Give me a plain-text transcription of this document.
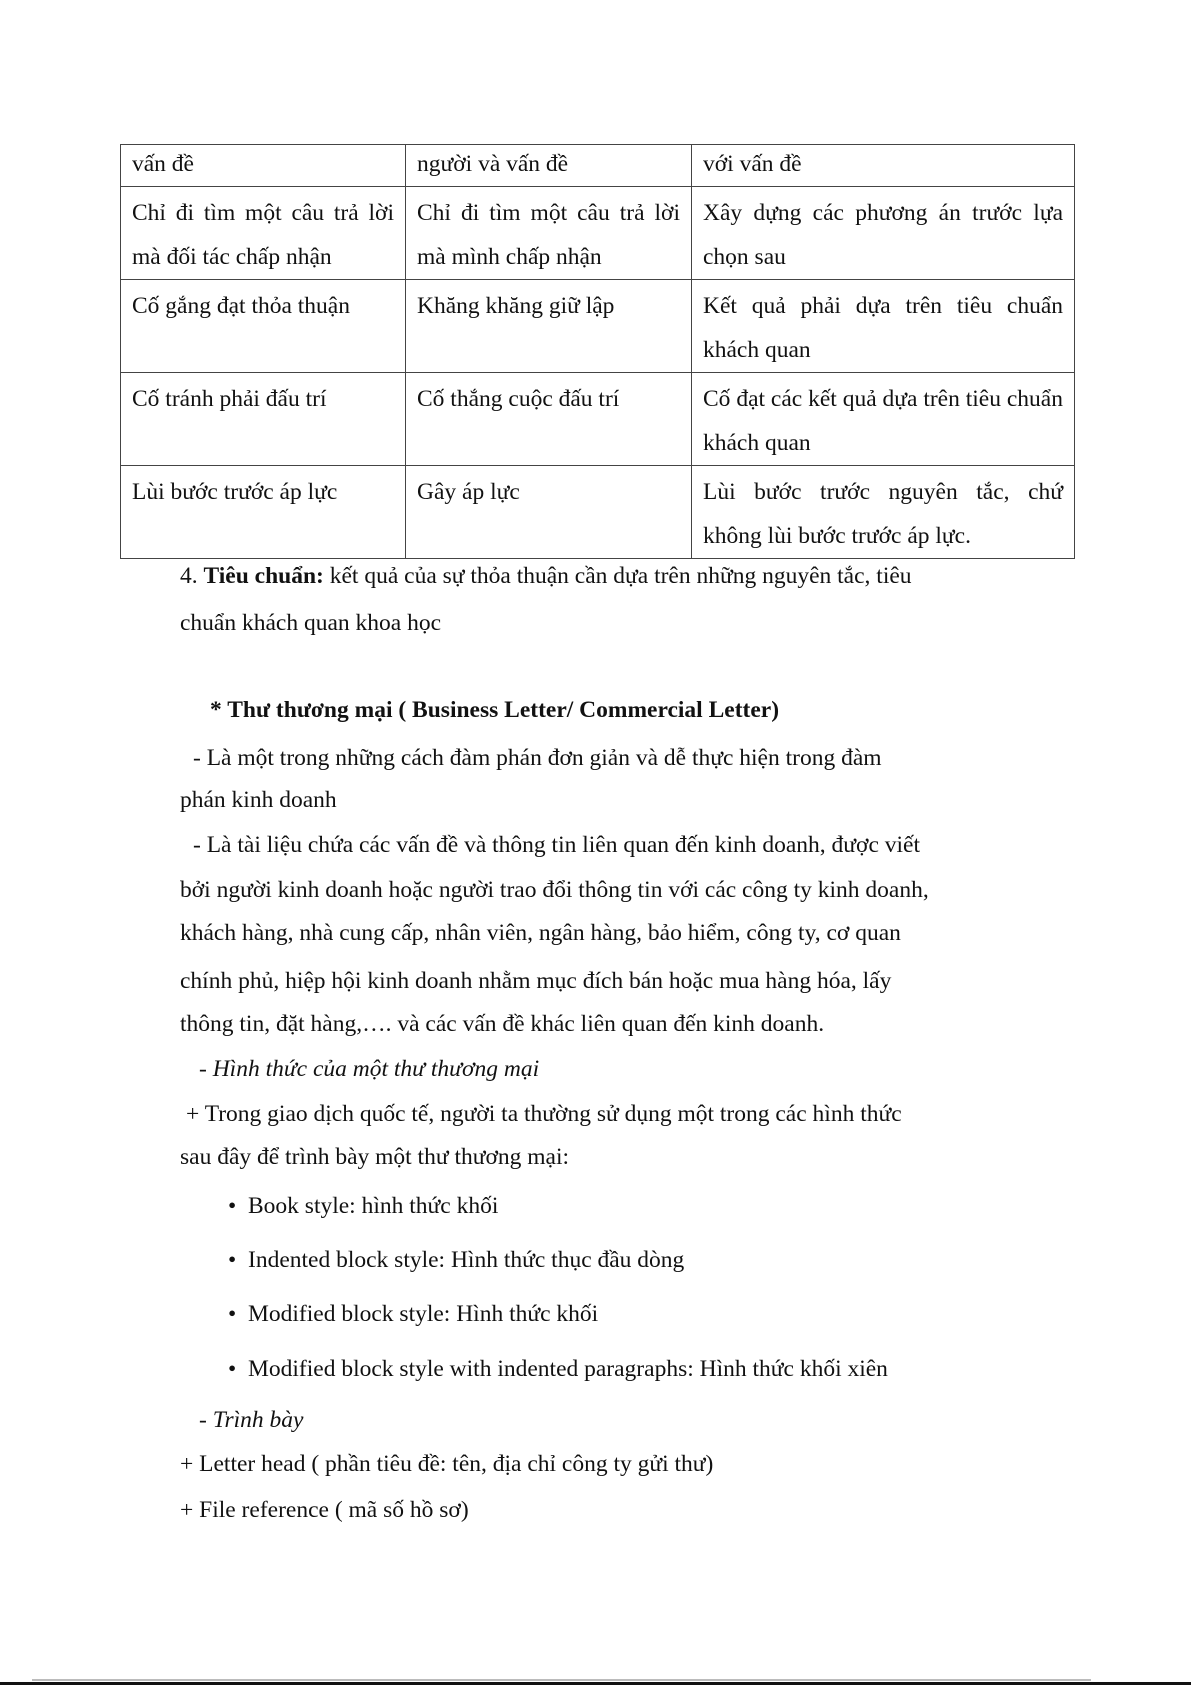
vấn đề	người và vấn đề	với vấn đề
Chỉ đi tìm một câu trả lời mà đối tác chấp nhận	Chỉ đi tìm một câu trả lời mà mình chấp nhận	Xây dựng các phương án trước lựa chọn sau
Cố gắng đạt thỏa thuận	Khăng khăng giữ lập	Kết quả phải dựa trên tiêu chuẩn khách quan
Cố tránh phải đấu trí	Cố thắng cuộc đấu trí	Cố đạt các kết quả dựa trên tiêu chuẩn khách quan
Lùi bước trước áp lực	Gây áp lực	Lùi bước trước nguyên tắc, chứ không lùi bước trước áp lực.
4. Tiêu chuẩn: kết quả của sự thỏa thuận cần dựa trên những nguyên tắc, tiêu
chuẩn khách quan khoa học
* Thư thương mại ( Business Letter/ Commercial Letter)
- Là một trong những cách đàm phán đơn giản và dễ thực hiện trong đàm
phán kinh doanh
- Là tài liệu chứa các vấn đề và thông tin liên quan đến kinh doanh, được viết
bởi người kinh doanh hoặc người trao đổi thông tin với các công ty kinh doanh,
khách hàng, nhà cung cấp, nhân viên, ngân hàng, bảo hiểm, công ty, cơ quan
chính phủ, hiệp hội kinh doanh nhằm mục đích bán hoặc mua hàng hóa, lấy
thông tin, đặt hàng,…. và các vấn đề khác liên quan đến kinh doanh.
- Hình thức của một thư thương mại
+ Trong giao dịch quốc tế, người ta thường sử dụng một trong các hình thức
sau đây để trình bày một thư thương mại:
• Book style: hình thức khối
• Indented block style: Hình thức thục đầu dòng
• Modified block style: Hình thức khối
• Modified block style with indented paragraphs: Hình thức khối xiên
- Trình bày
+ Letter head ( phần tiêu đề: tên, địa chỉ công ty gửi thư)
+ File reference ( mã số hồ sơ)
